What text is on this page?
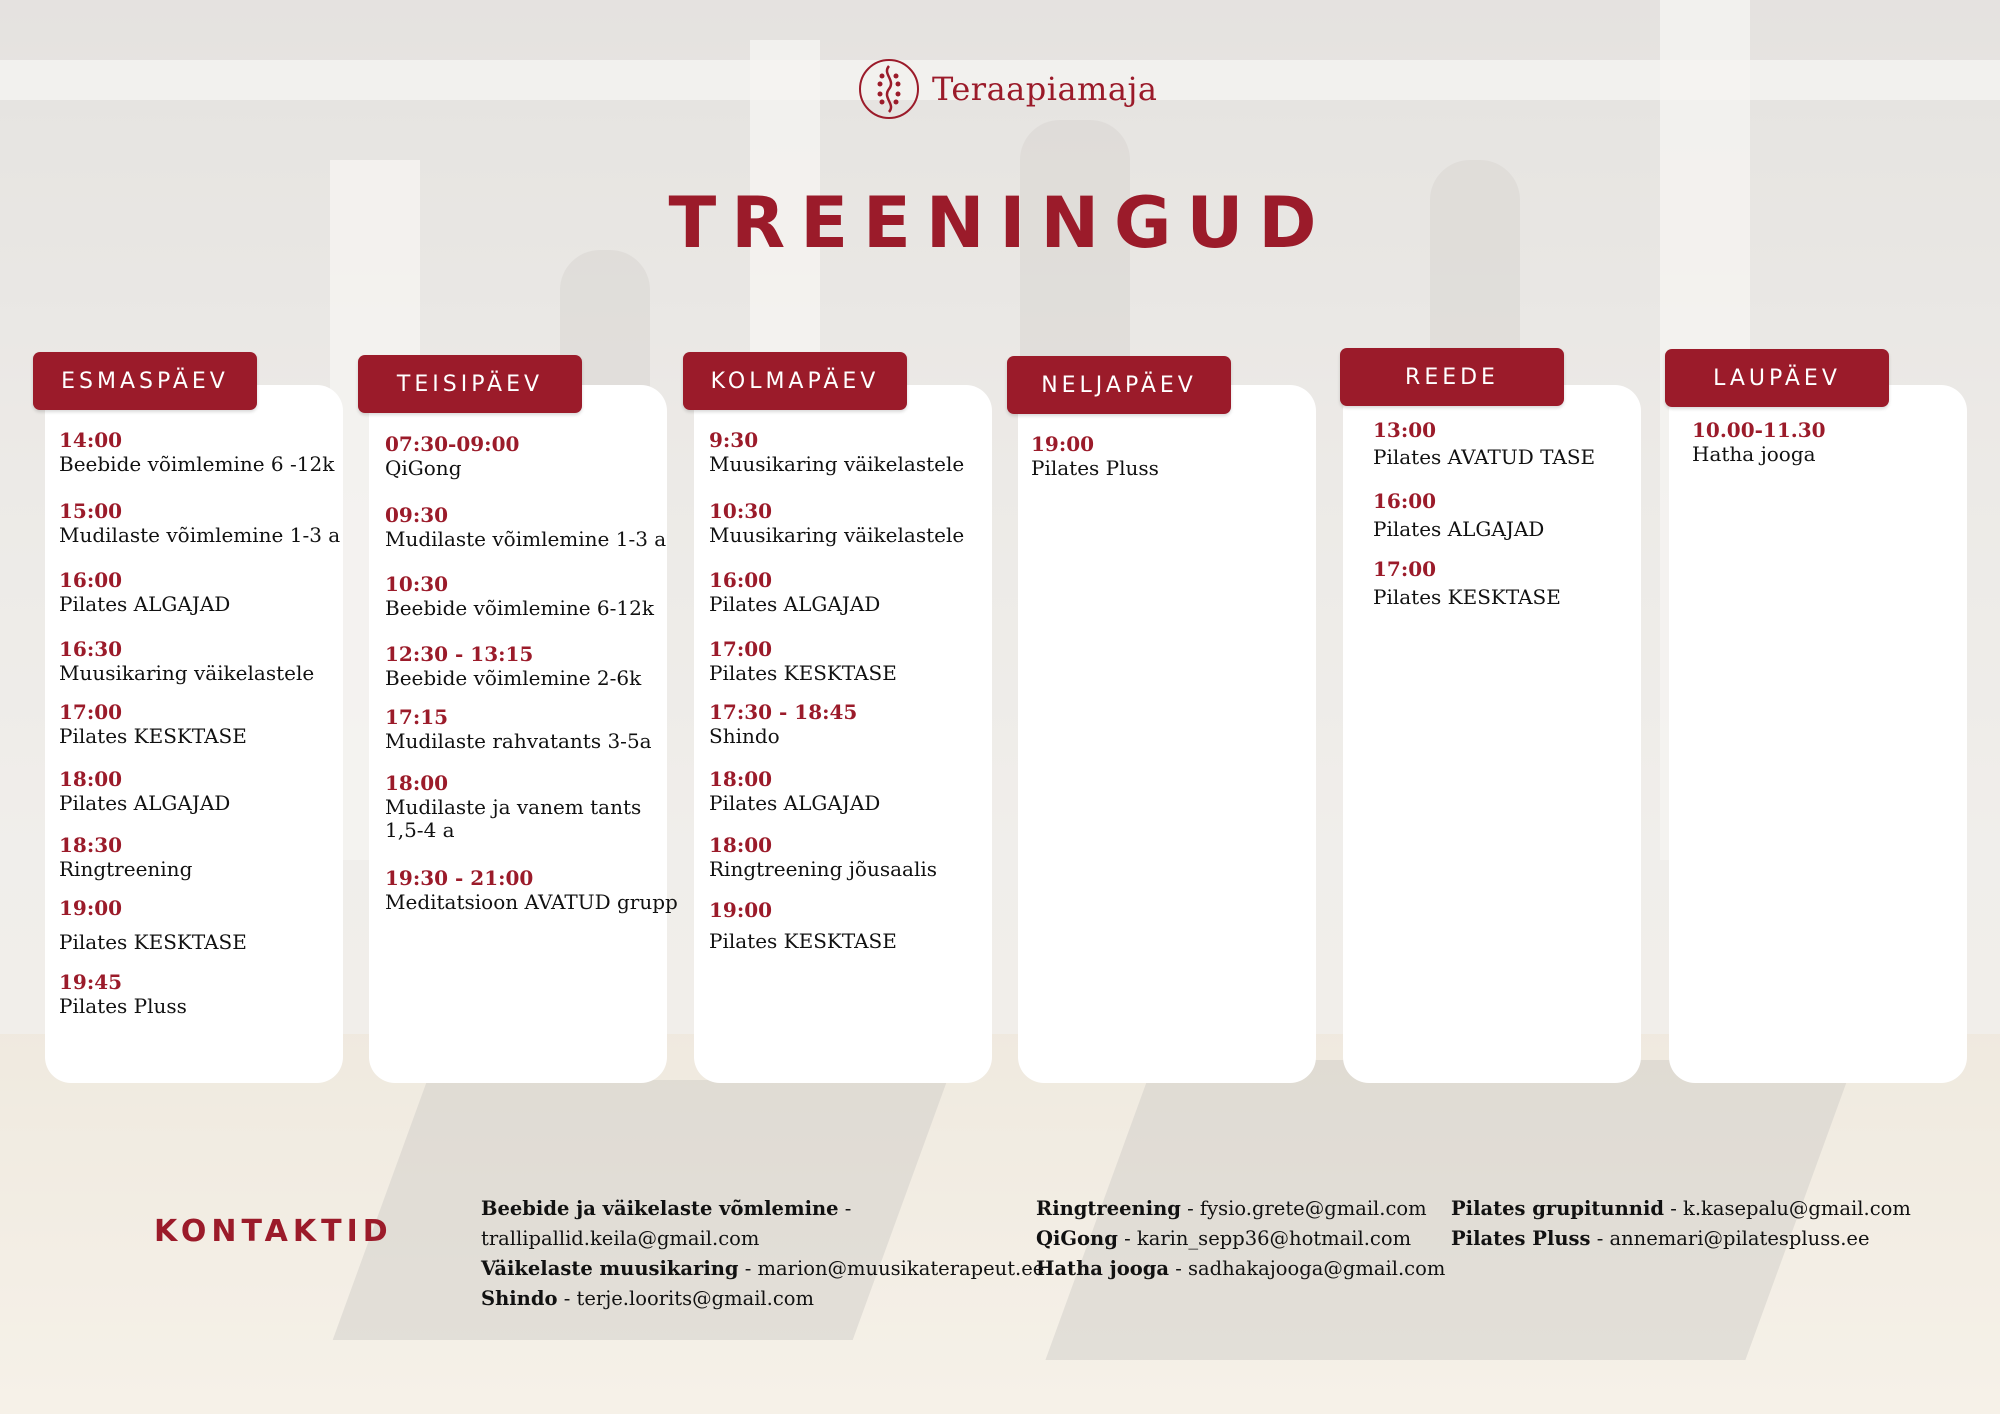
Teraapiamaja
TREENINGUD
ESMASPÄEV
14:00
Beebide võimlemine 6 -12k
15:00
Mudilaste võimlemine 1-3 a
16:00
Pilates ALGAJAD
16:30
Muusikaring väikelastele
17:00
Pilates KESKTASE
18:00
Pilates ALGAJAD
18:30
Ringtreening
19:00
Pilates KESKTASE
19:45
Pilates Pluss
TEISIPÄEV
07:30-09:00
QiGong
09:30
Mudilaste võimlemine 1-3 a
10:30
Beebide võimlemine 6-12k
12:30 - 13:15
Beebide võimlemine 2-6k
17:15
Mudilaste rahvatants 3-5a
18:00
Mudilaste ja vanem tants 1,5-4 a
19:30 - 21:00
Meditatsioon AVATUD grupp
KOLMAPÄEV
9:30
Muusikaring väikelastele
10:30
Muusikaring väikelastele
16:00
Pilates ALGAJAD
17:00
Pilates KESKTASE
17:30 - 18:45
Shindo
18:00
Pilates ALGAJAD
18:00
Ringtreening jõusaalis
19:00
Pilates KESKTASE
NELJAPÄEV
19:00
Pilates Pluss
REEDE
13:00
Pilates AVATUD TASE
16:00
Pilates ALGAJAD
17:00
Pilates KESKTASE
LAUPÄEV
10.00-11.30
Hatha jooga
KONTAKTID
Beebide ja väikelaste võmlemine -
trallipallid.keila@gmail.com
Väikelaste muusikaring - marion@muusikaterapeut.ee
Shindo - terje.loorits@gmail.com
Ringtreening - fysio.grete@gmail.com
QiGong - karin_sepp36@hotmail.com
Hatha jooga - sadhakajooga@gmail.com
Pilates grupitunnid - k.kasepalu@gmail.com
Pilates Pluss - annemari@pilatespluss.ee
